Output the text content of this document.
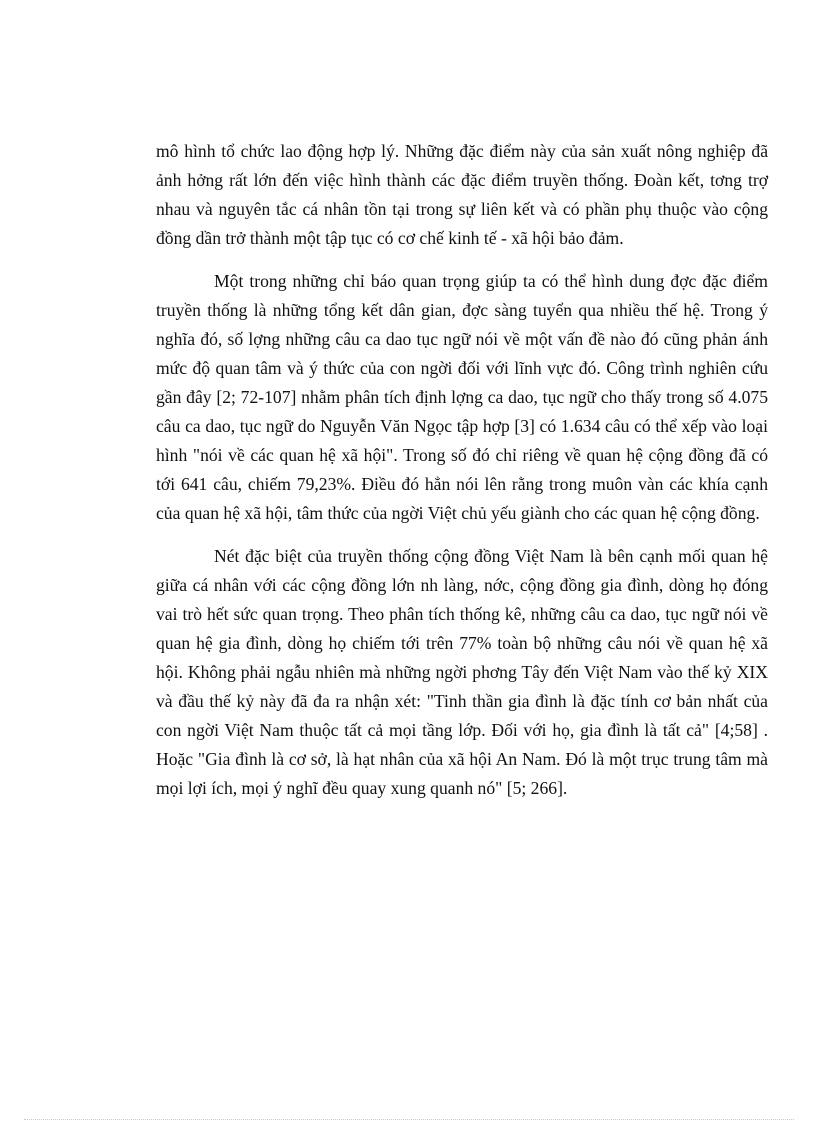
mô hình tổ chức lao động hợp lý. Những đặc điểm này của sản xuất nông nghiệp đã ảnh hởng rất lớn đến việc hình thành các đặc điểm truyền thống. Đoàn kết, tơng trợ nhau và nguyên tắc cá nhân tồn tại trong sự liên kết và có phần phụ thuộc vào cộng đồng dần trở thành một tập tục có cơ chế kinh tế - xã hội bảo đảm.

Một trong những chỉ báo quan trọng giúp ta có thể hình dung đợc đặc điểm truyền thống là những tổng kết dân gian, đợc sàng tuyển qua nhiều thế hệ. Trong ý nghĩa đó, số lợng những câu ca dao tục ngữ nói về một vấn đề nào đó cũng phản ánh mức độ quan tâm và ý thức của con ngời đối với lĩnh vực đó. Công trình nghiên cứu gần đây [2; 72-107] nhằm phân tích định lợng ca dao, tục ngữ cho thấy trong số 4.075 câu ca dao, tục ngữ do Nguyễn Văn Ngọc tập hợp [3] có 1.634 câu có thể xếp vào loại hình "nói về các quan hệ xã hội". Trong số đó chỉ riêng về quan hệ cộng đồng đã có tới 641 câu, chiếm 79,23%. Điều đó hẳn nói lên rằng trong muôn vàn các khía cạnh của quan hệ xã hội, tâm thức của ngời Việt chủ yếu giành cho các quan hệ cộng đồng.

Nét đặc biệt của truyền thống cộng đồng Việt Nam là bên cạnh mối quan hệ giữa cá nhân với các cộng đồng lớn nh làng, nớc, cộng đồng gia đình, dòng họ đóng vai trò hết sức quan trọng. Theo phân tích thống kê, những câu ca dao, tục ngữ nói về quan hệ gia đình, dòng họ chiếm tới trên 77% toàn bộ những câu nói về quan hệ xã hội. Không phải ngẫu nhiên mà những ngời phơng Tây đến Việt Nam vào thế kỷ XIX và đầu thế kỷ này đã đa ra nhận xét: "Tinh thần gia đình là đặc tính cơ bản nhất của con ngời Việt Nam thuộc tất cả mọi tầng lớp. Đối với họ, gia đình là tất cả" [4;58] . Hoặc "Gia đình là cơ sở, là hạt nhân của xã hội An Nam. Đó là một trục trung tâm mà mọi lợi ích, mọi ý nghĩ đều quay xung quanh nó" [5; 266].
